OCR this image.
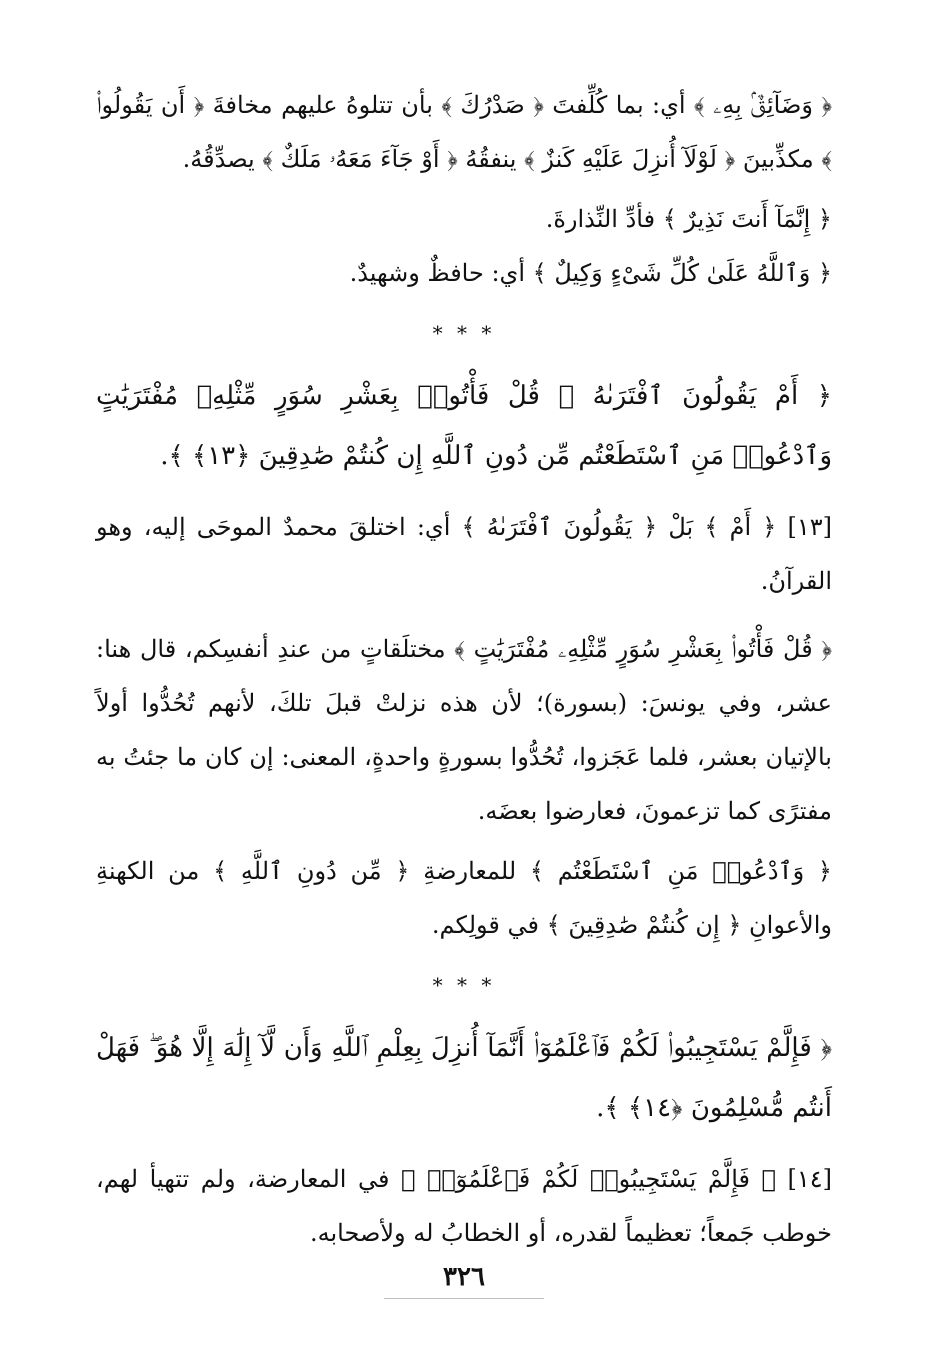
﴿ وَضَآئِقٌۢ بِهِۦ ﴾ أي: بما كُلِّفتَ ﴿ صَدْرُكَ ﴾ بأن تتلوهُ عليهم مخافةَ ﴿ أَن يَقُولُوا۟ ﴾ مكذِّبينَ ﴿ لَوْلَآ أُنزِلَ عَلَيْهِ كَنزٌ ﴾ ينفقُهُ ﴿ أَوْ جَآءَ مَعَهُۥ مَلَكٌ ﴾ يصدِّقُهُ.

﴿ إِنَّمَآ أَنتَ نَذِيرٌ ﴾ فأدِّ النِّذارةَ.

﴿ وَٱللَّهُ عَلَىٰ كُلِّ شَىْءٍ وَكِيلٌ ﴾ أي: حافظٌ وشهيدٌ.

* * *

﴿ أَمْ يَقُولُونَ ٱفْتَرَىٰهُ ۖ قُلْ فَأْتُوا۟ بِعَشْرِ سُوَرٍ مِّثْلِهِۦ مُفْتَرَيَٰتٍ وَٱدْعُوا۟ مَنِ ٱسْتَطَعْتُم مِّن دُونِ ٱللَّهِ إِن كُنتُمْ صَٰدِقِينَ ﴿١٣﴾ ﴾.

[١٣] ﴿ أَمْ ﴾ بَلْ ﴿ يَقُولُونَ ٱفْتَرَىٰهُ ﴾ أي: اختلقَ محمدٌ الموحَى إليه، وهو القرآنُ.

﴿ قُلْ فَأْتُوا۟ بِعَشْرِ سُوَرٍ مِّثْلِهِۦ مُفْتَرَيَٰتٍ ﴾ مختلَقاتٍ من عندِ أنفسِكم، قال هنا: عشر، وفي يونسَ: (بسورة)؛ لأن هذه نزلتْ قبلَ تلكَ، لأنهم تُحُدُّوا أولاً بالإتيان بعشر، فلما عَجَزوا، تُحُدُّوا بسورةٍ واحدةٍ، المعنى: إن كان ما جئتُ به مفترًى كما تزعمونَ، فعارضوا بعضَه.

﴿ وَٱدْعُوا۟ مَنِ ٱسْتَطَعْتُم ﴾ للمعارضةِ ﴿ مِّن دُونِ ٱللَّهِ ﴾ من الكهنةِ والأعوانِ ﴿ إِن كُنتُمْ صَٰدِقِينَ ﴾ في قولِكم.

* * *

﴿ فَإِلَّمْ يَسْتَجِيبُوا۟ لَكُمْ فَٱعْلَمُوٓا۟ أَنَّمَآ أُنزِلَ بِعِلْمِ ٱللَّهِ وَأَن لَّآ إِلَٰهَ إِلَّا هُوَ ۖ فَهَلْ أَنتُم مُّسْلِمُونَ ﴿١٤﴾ ﴾.

[١٤] ﴿ فَإِلَّمْ يَسْتَجِيبُوا۟ لَكُمْ فَٱعْلَمُوٓا۟ ﴾ في المعارضة، ولم تتهيأ لهم، خوطب جَمعاً؛ تعظيماً لقدره، أو الخطابُ له ولأصحابه.

٣٢٦
